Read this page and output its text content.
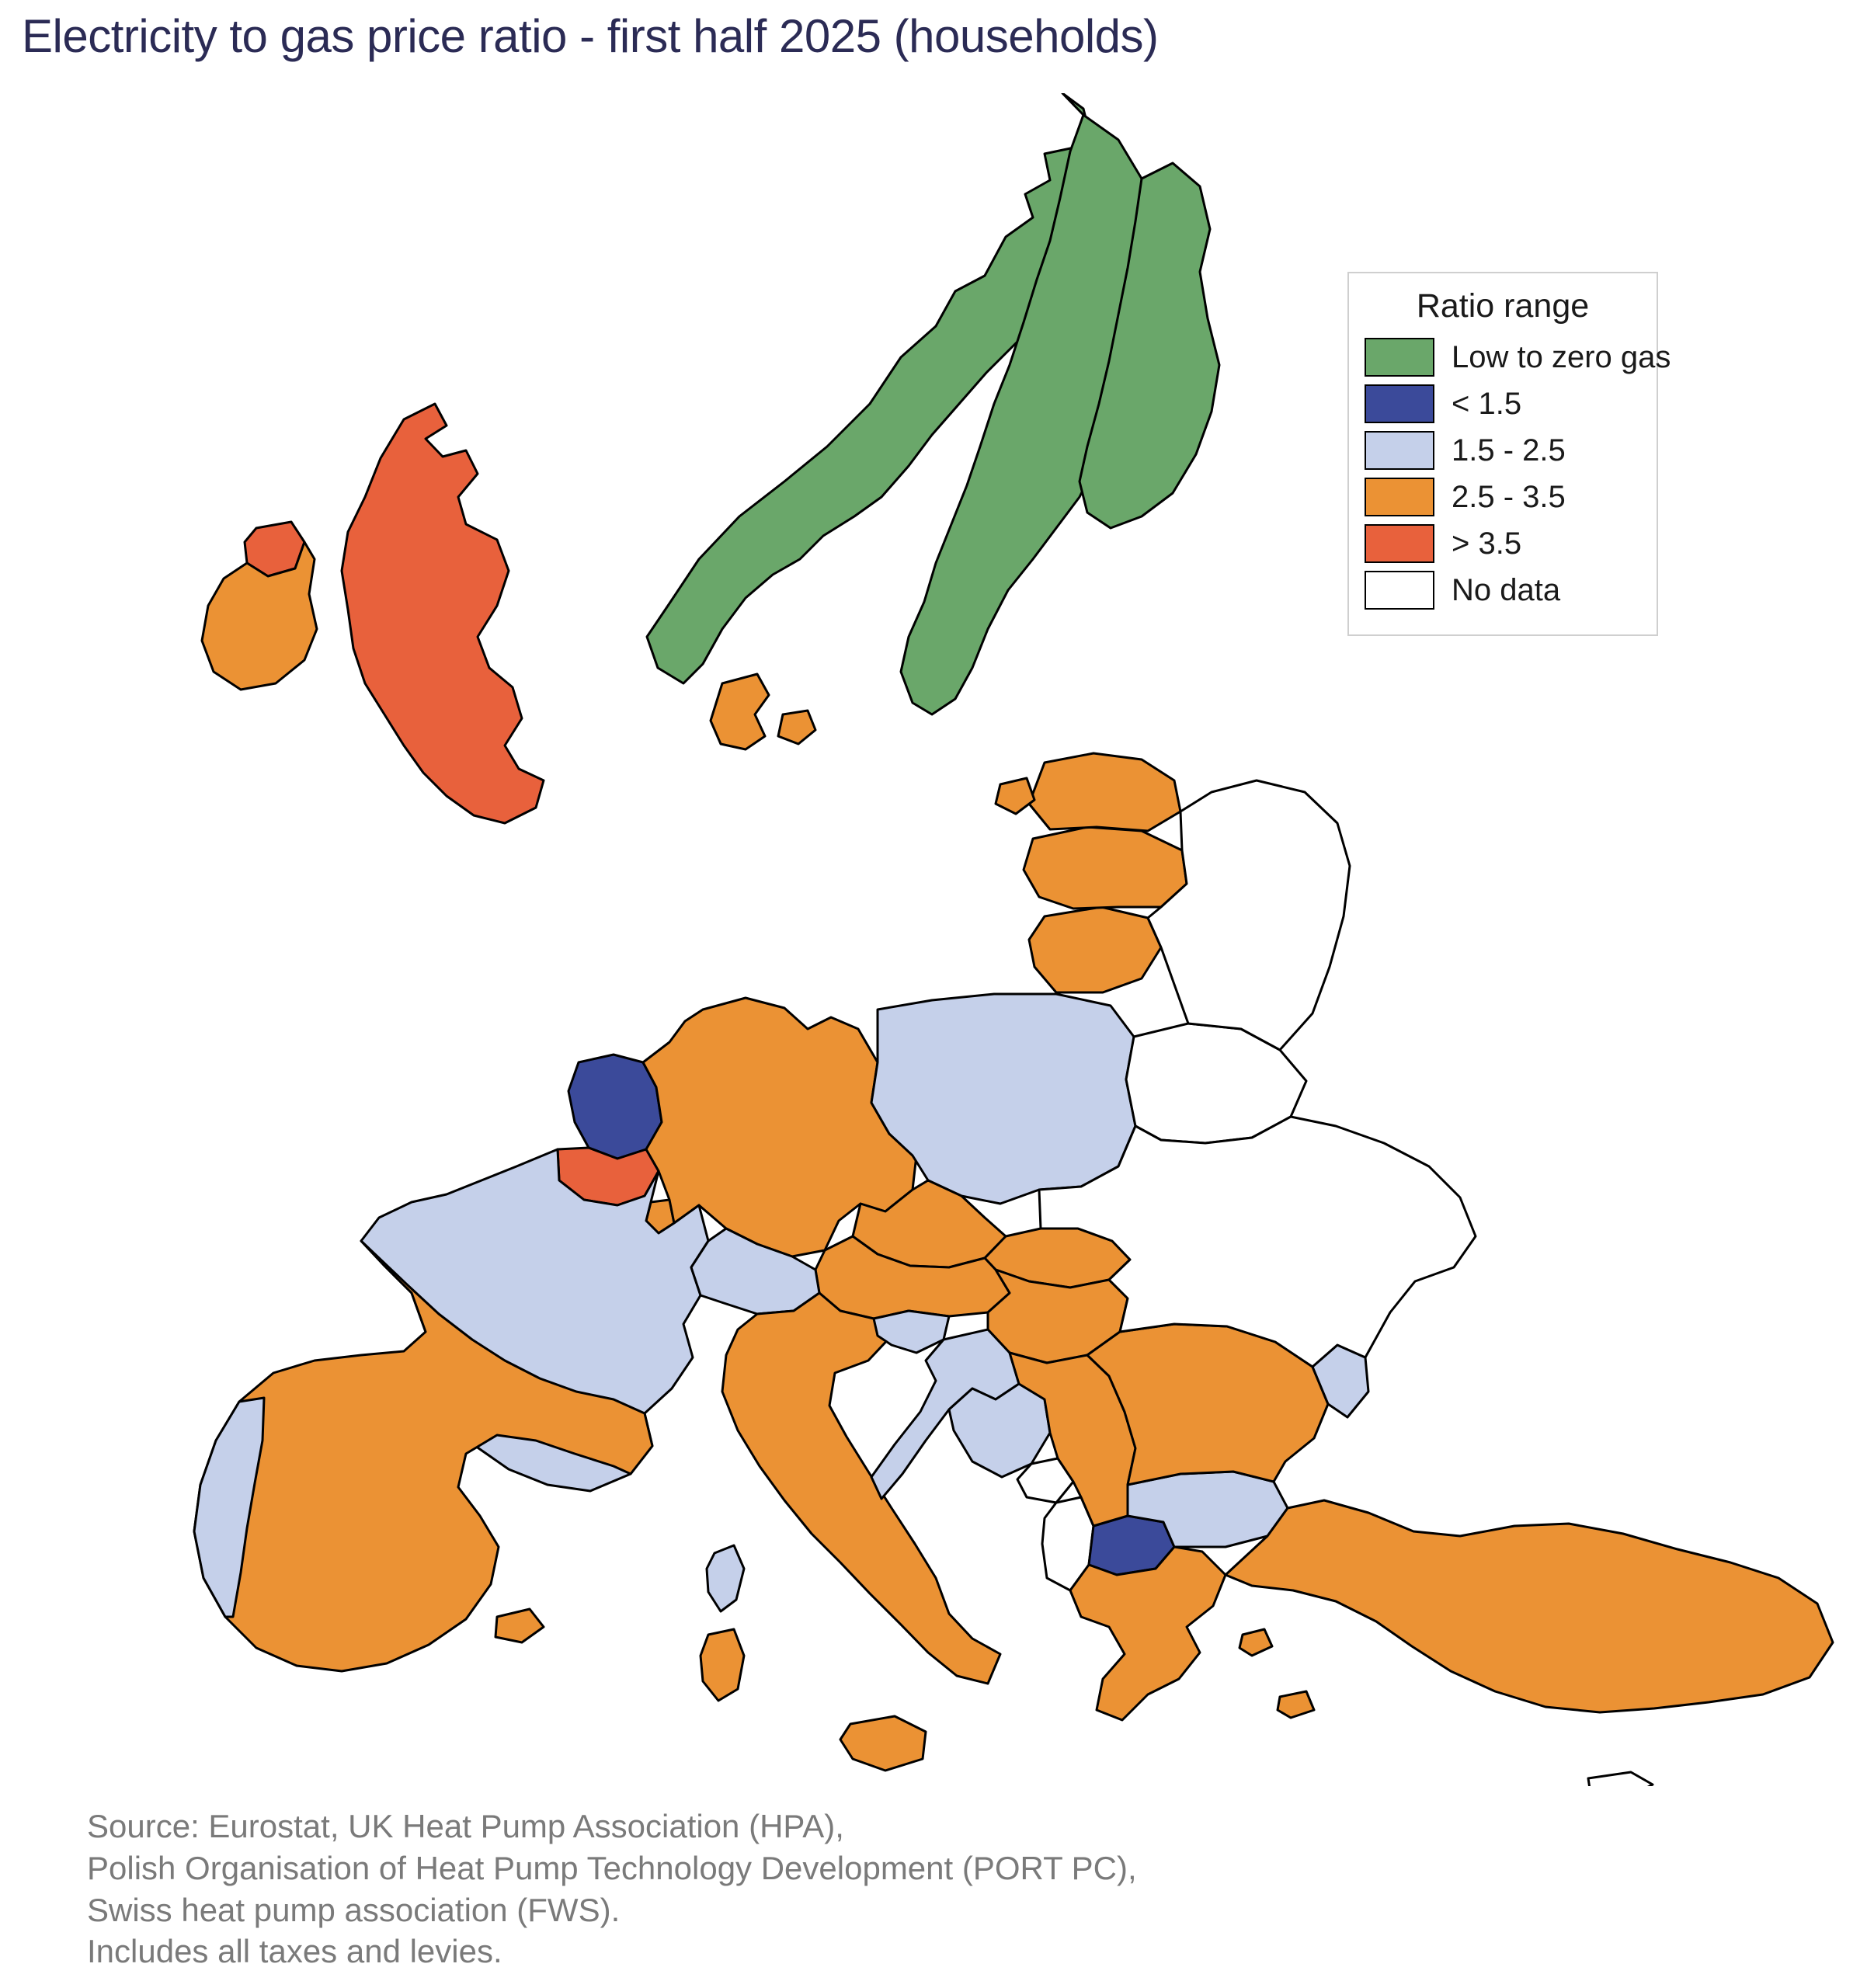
Electricity to gas price ratio - first half 2025 (households)
Ratio range
Low to zero gas
< 1.5
1.5 - 2.5
2.5 - 3.5
> 3.5
No data
Source: Eurostat, UK Heat Pump Association (HPA),
Polish Organisation of Heat Pump Technology Development (PORT PC),
Swiss heat pump association (FWS).
Includes all taxes and levies.
